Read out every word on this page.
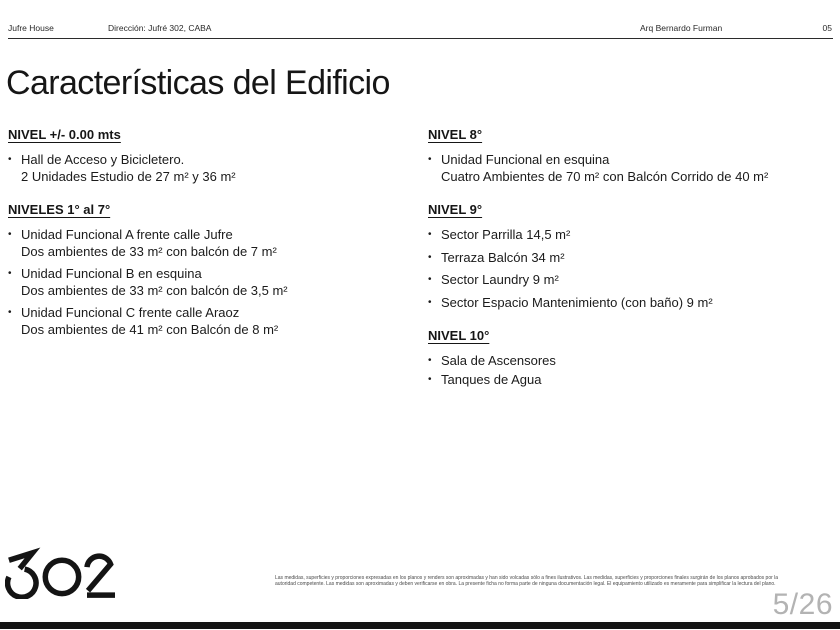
Jufre House	Dirección: Jufré 302, CABA	Arq Bernardo Furman	05
Características del Edificio
NIVEL +/- 0.00 mts
• Hall de Acceso y Bicicletero.
2 Unidades Estudio de 27 m² y 36 m²
NIVELES 1° al 7°
• Unidad Funcional A frente calle Jufre
Dos ambientes de 33 m² con balcón de 7 m²
• Unidad Funcional B en esquina
Dos ambientes de 33 m² con balcón de 3,5 m²
• Unidad Funcional C frente calle Araoz
Dos ambientes de 41 m² con Balcón de 8 m²
NIVEL 8°
• Unidad Funcional en esquina
Cuatro Ambientes de 70 m² con Balcón Corrido de 40 m²
NIVEL 9°
• Sector Parrilla 14,5 m²
• Terraza Balcón 34 m²
• Sector Laundry 9 m²
• Sector Espacio Mantenimiento (con baño) 9 m²
NIVEL 10°
• Sala de Ascensores
• Tanques de Agua
Las medidas, superficies y proporciones expresadas en los planos y renders son aproximadas y han sido volcadas sólo a fines ilustrativos. Las medidas, superficies y proporciones finales surgirán de los planos aprobados por la
autoridad competente. Las medidas son aproximadas y deben verificarse en obra. La presente ficha no forma parte de ninguna documentación legal. El equipamiento utilizado es meramente para simplificar la lectura del plano.
5/26
